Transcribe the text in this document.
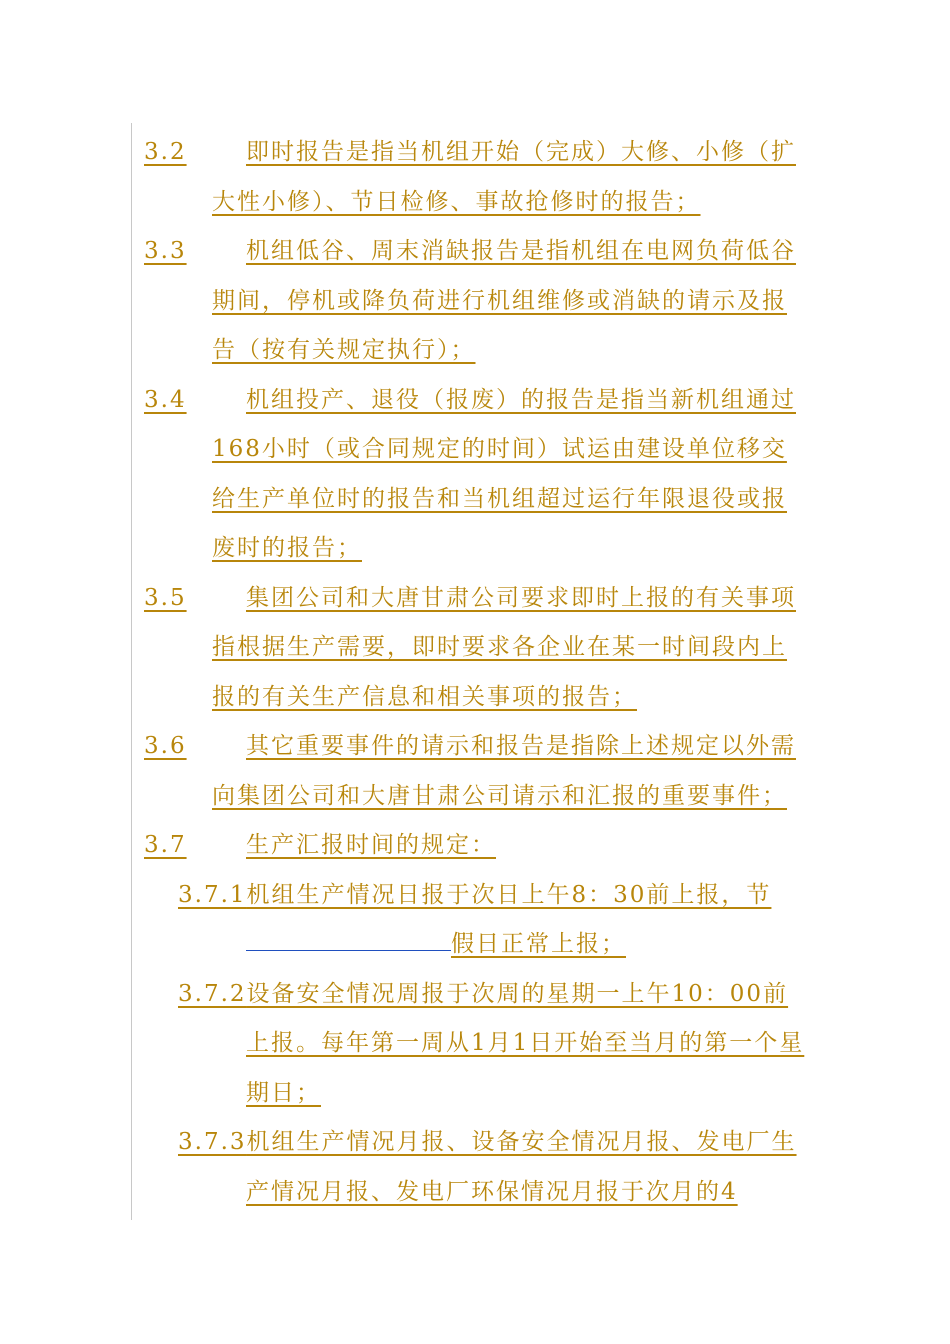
3.2	即时报告是指当机组开始（完成）大修、小修（扩大性小修）、节日检修、事故抢修时的报告；

3.3	机组低谷、周末消缺报告是指机组在电网负荷低谷期间，停机或降负荷进行机组维修或消缺的请示及报告（按有关规定执行）；

3.4	机组投产、退役（报废）的报告是指当新机组通过168小时（或合同规定的时间）试运由建设单位移交给生产单位时的报告和当机组超过运行年限退役或报废时的报告；

3.5	集团公司和大唐甘肃公司要求即时上报的有关事项指根据生产需要，即时要求各企业在某一时间段内上报的有关生产信息和相关事项的报告；

3.6	其它重要事件的请示和报告是指除上述规定以外需向集团公司和大唐甘肃公司请示和汇报的重要事件；

3.7	生产汇报时间的规定：

3.7.1机组生产情况日报于次日上午8：30前上报，节假日正常上报；

3.7.2设备安全情况周报于次周的星期一上午10：00前上报。每年第一周从1月1日开始至当月的第一个星期日；

3.7.3机组生产情况月报、设备安全情况月报、发电厂生产情况月报、发电厂环保情况月报于次月的4
